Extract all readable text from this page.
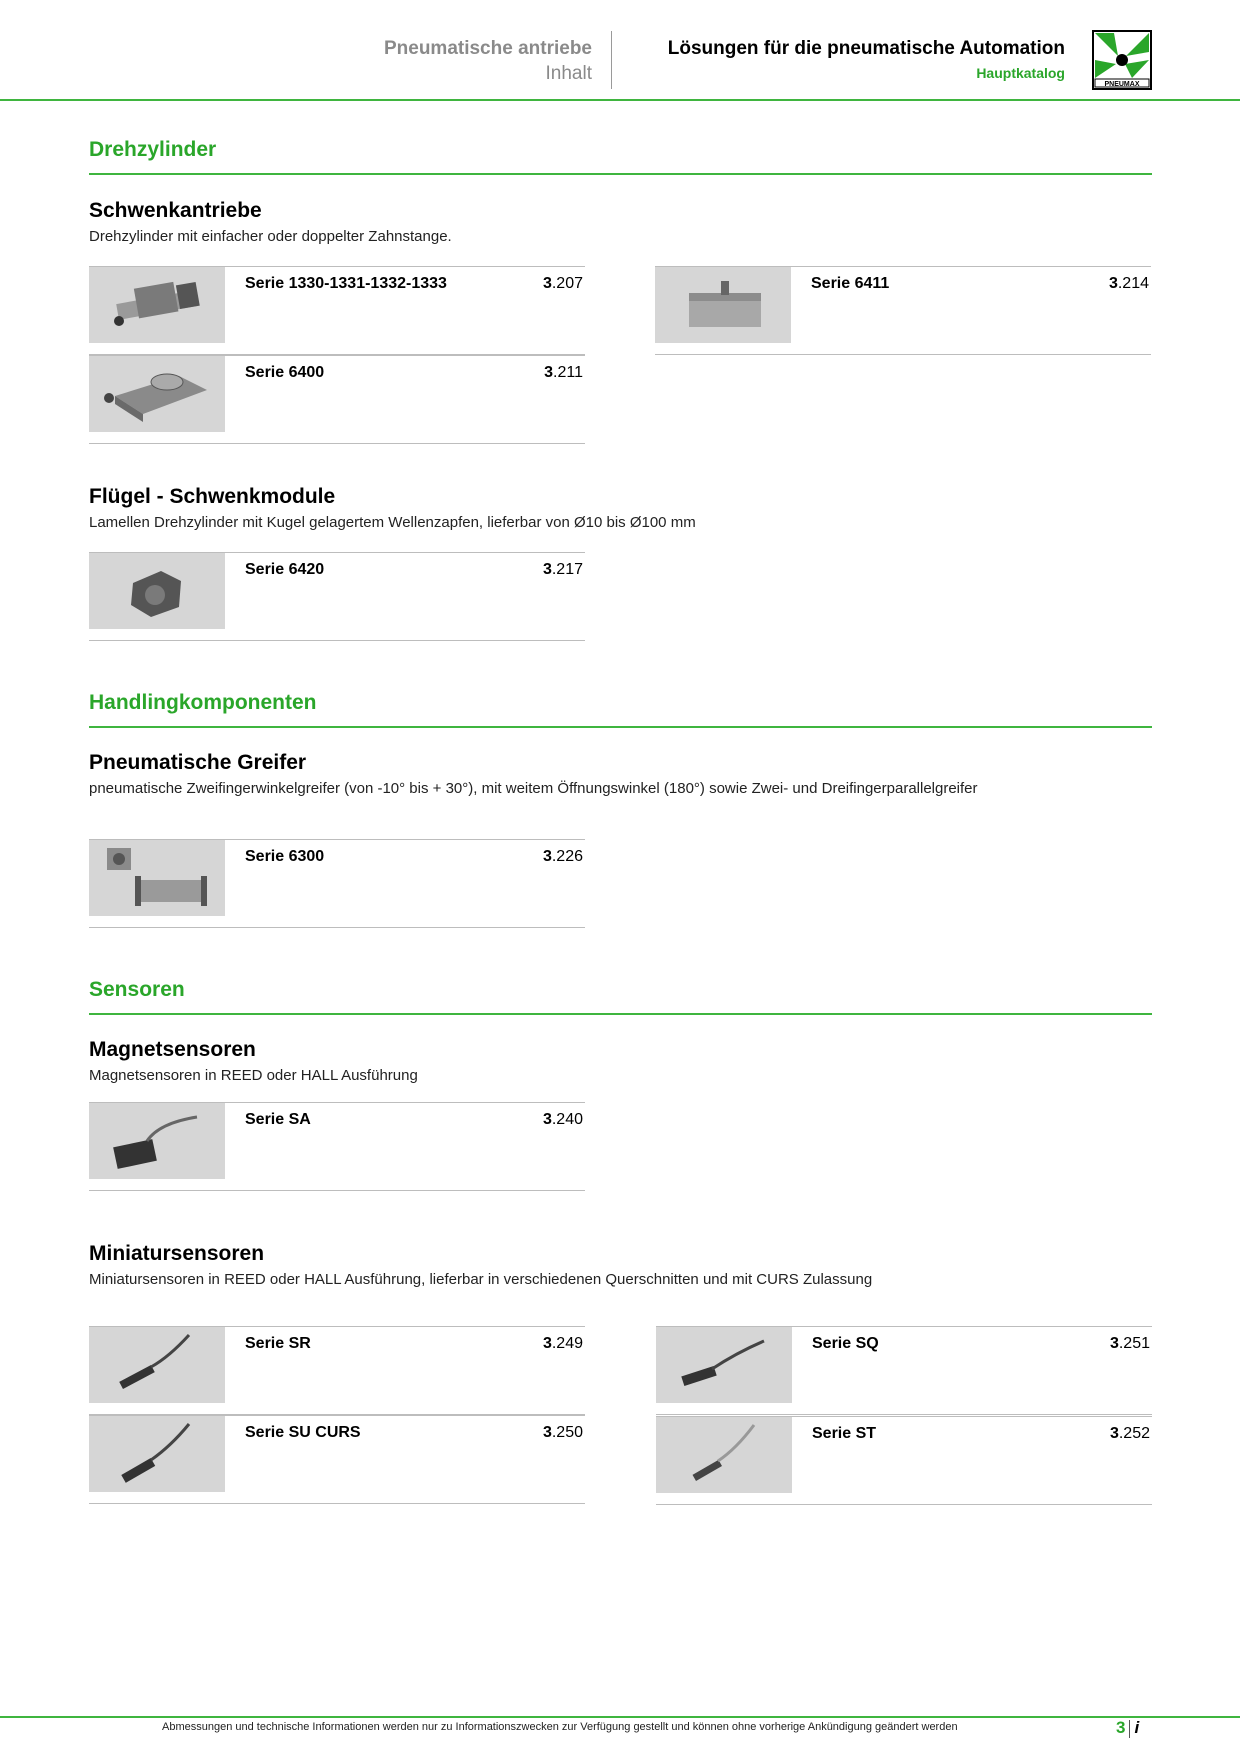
Pneumatische antriebe
Inhalt
Lösungen für die pneumatische Automation
Hauptkatalog
PNEUMAX
Drehzylinder
Schwenkantriebe
Drehzylinder mit einfacher oder doppelter Zahnstange.
Serie 1330-1331-1332-1333	3.207	Serie 6411	3.214
Serie 6400	3.211
Flügel - Schwenkmodule
Lamellen Drehzylinder mit Kugel gelagertem Wellenzapfen, lieferbar von Ø10 bis Ø100 mm
Serie 6420	3.217
Handlingkomponenten
Pneumatische Greifer
pneumatische Zweifingerwinkelgreifer (von -10° bis + 30°), mit weitem Öffnungswinkel (180°) sowie Zwei- und Dreifingerparallelgreifer
Serie 6300	3.226
Sensoren
Magnetsensoren
Magnetsensoren in REED oder HALL Ausführung
Serie SA	3.240
Miniatursensoren
Miniatursensoren in REED oder HALL Ausführung, lieferbar in verschiedenen Querschnitten und mit CURS Zulassung
Serie SR	3.249	Serie SQ	3.251
Serie SU CURS	3.250	Serie ST	3.252
Abmessungen und technische Informationen werden nur zu Informationszwecken zur Verfügung gestellt und können ohne vorherige Ankündigung geändert werden	3 i
